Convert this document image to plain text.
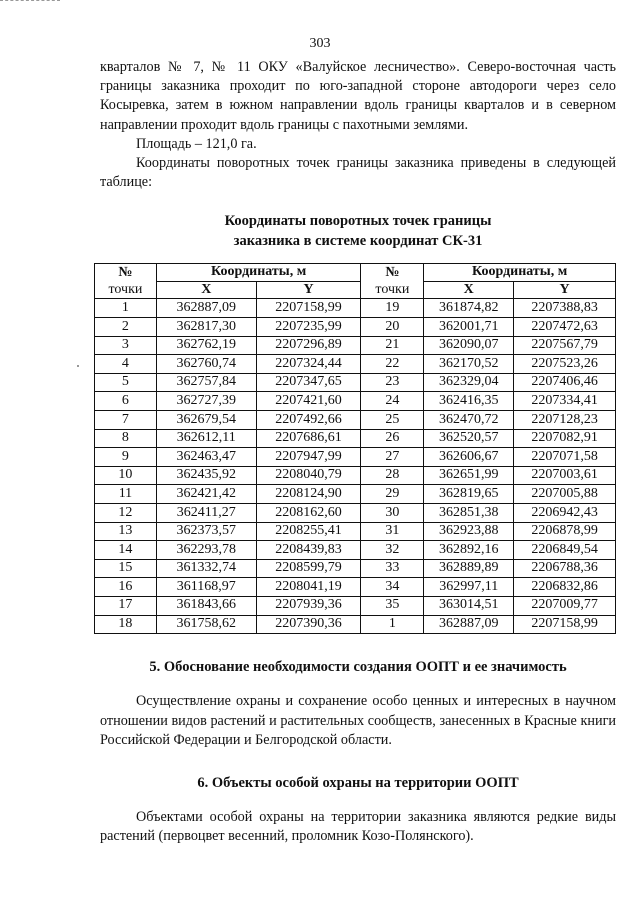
303

кварталов № 7, № 11 ОКУ «Валуйское лесничество». Северо-восточная часть границы заказника проходит по юго-западной стороне автодороги через село Косыревка, затем в южном направлении вдоль границы кварталов и в северном направлении проходит вдоль границы с пахотными землями.

Площадь – 121,0 га.

Координаты поворотных точек границы заказника приведены в следующей таблице:

Координаты поворотных точек границы
заказника в системе координат СК-31
№	Координаты, м		№	Координаты, м	
точки	X	Y	точки	X	Y
1	362887,09	2207158,99	19	361874,82	2207388,83
2	362817,30	2207235,99	20	362001,71	2207472,63
3	362762,19	2207296,89	21	362090,07	2207567,79
4	362760,74	2207324,44	22	362170,52	2207523,26
5	362757,84	2207347,65	23	362329,04	2207406,46
6	362727,39	2207421,60	24	362416,35	2207334,41
7	362679,54	2207492,66	25	362470,72	2207128,23
8	362612,11	2207686,61	26	362520,57	2207082,91
9	362463,47	2207947,99	27	362606,67	2207071,58
10	362435,92	2208040,79	28	362651,99	2207003,61
11	362421,42	2208124,90	29	362819,65	2207005,88
12	362411,27	2208162,60	30	362851,38	2206942,43
13	362373,57	2208255,41	31	362923,88	2206878,99
14	362293,78	2208439,83	32	362892,16	2206849,54
15	361332,74	2208599,79	33	362889,89	2206788,36
16	361168,97	2208041,19	34	362997,11	2206832,86
17	361843,66	2207939,36	35	363014,51	2207009,77
18	361758,62	2207390,36	1	362887,09	2207158,99
5. Обоснование необходимости создания ООПТ и ее значимость

Осуществление охраны и сохранение особо ценных и интересных в научном отношении видов растений и растительных сообществ, занесенных в Красные книги Российской Федерации и Белгородской области.

6. Объекты особой охраны на территории ООПТ

Объектами особой охраны на территории заказника являются редкие виды растений (первоцвет весенний, проломник Козо-Полянского).
